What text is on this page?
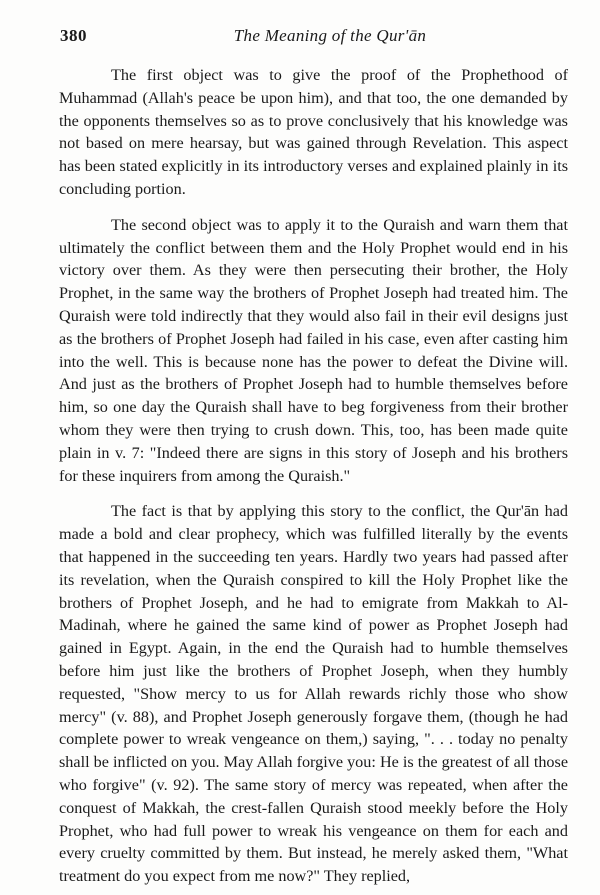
380	The Meaning of the Qur'ān

The first object was to give the proof of the Prophethood of Muhammad (Allah's peace be upon him), and that too, the one demanded by the opponents themselves so as to prove conclusively that his knowledge was not based on mere hearsay, but was gained through Revelation. This aspect has been stated explicitly in its introductory verses and explained plainly in its concluding portion.

The second object was to apply it to the Quraish and warn them that ultimately the conflict between them and the Holy Prophet would end in his victory over them. As they were then persecuting their brother, the Holy Prophet, in the same way the brothers of Prophet Joseph had treated him. The Quraish were told indirectly that they would also fail in their evil designs just as the brothers of Prophet Joseph had failed in his case, even after casting him into the well. This is because none has the power to defeat the Divine will. And just as the brothers of Prophet Joseph had to humble themselves before him, so one day the Quraish shall have to beg forgiveness from their brother whom they were then trying to crush down. This, too, has been made quite plain in v. 7: "Indeed there are signs in this story of Joseph and his brothers for these inquirers from among the Quraish."

The fact is that by applying this story to the conflict, the Qur'ān had made a bold and clear prophecy, which was fulfilled literally by the events that happened in the succeeding ten years. Hardly two years had passed after its revelation, when the Quraish conspired to kill the Holy Prophet like the brothers of Prophet Joseph, and he had to emigrate from Makkah to Al-Madinah, where he gained the same kind of power as Prophet Joseph had gained in Egypt. Again, in the end the Quraish had to humble themselves before him just like the brothers of Prophet Joseph, when they humbly requested, "Show mercy to us for Allah rewards richly those who show mercy" (v. 88), and Prophet Joseph generously forgave them, (though he had complete power to wreak vengeance on them,) saying, ". . . today no penalty shall be inflicted on you. May Allah forgive you: He is the greatest of all those who forgive" (v. 92). The same story of mercy was repeated, when after the conquest of Makkah, the crest-fallen Quraish stood meekly before the Holy Prophet, who had full power to wreak his vengeance on them for each and every cruelty committed by them. But instead, he merely asked them, "What treatment do you expect from me now?" They replied,
